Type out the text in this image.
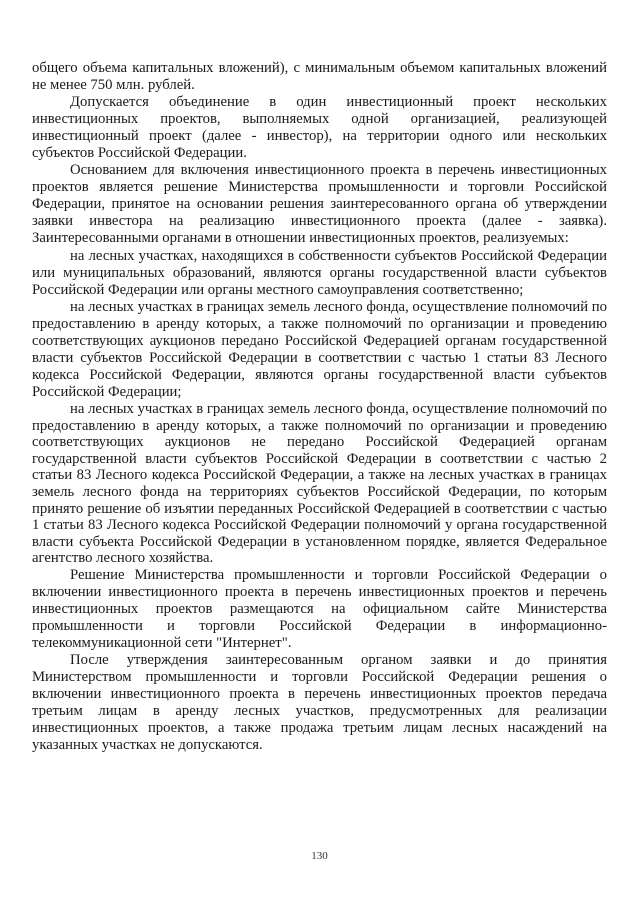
общего объема капитальных вложений), с минимальным объемом капитальных вложений не менее 750 млн. рублей.

Допускается объединение в один инвестиционный проект нескольких инвестиционных проектов, выполняемых одной организацией, реализующей инвестиционный проект (далее - инвестор), на территории одного или нескольких субъектов Российской Федерации.

Основанием для включения инвестиционного проекта в перечень инвестиционных проектов является решение Министерства промышленности и торговли Российской Федерации, принятое на основании решения заинтересованного органа об утверждении заявки инвестора на реализацию инвестиционного проекта (далее - заявка). Заинтересованными органами в отношении инвестиционных проектов, реализуемых:

на лесных участках, находящихся в собственности субъектов Российской Федерации или муниципальных образований, являются органы государственной власти субъектов Российской Федерации или органы местного самоуправления соответственно;

на лесных участках в границах земель лесного фонда, осуществление полномочий по предоставлению в аренду которых, а также полномочий по организации и проведению соответствующих аукционов передано Российской Федерацией органам государственной власти субъектов Российской Федерации в соответствии с частью 1 статьи 83 Лесного кодекса Российской Федерации, являются органы государственной власти субъектов Российской Федерации;

на лесных участках в границах земель лесного фонда, осуществление полномочий по предоставлению в аренду которых, а также полномочий по организации и проведению соответствующих аукционов не передано Российской Федерацией органам государственной власти субъектов Российской Федерации в соответствии с частью 2 статьи 83 Лесного кодекса Российской Федерации, а также на лесных участках в границах земель лесного фонда на территориях субъектов Российской Федерации, по которым принято решение об изъятии переданных Российской Федерацией в соответствии с частью 1 статьи 83 Лесного кодекса Российской Федерации полномочий у органа государственной власти субъекта Российской Федерации в установленном порядке, является Федеральное агентство лесного хозяйства.

Решение Министерства промышленности и торговли Российской Федерации о включении инвестиционного проекта в перечень инвестиционных проектов и перечень инвестиционных проектов размещаются на официальном сайте Министерства промышленности и торговли Российской Федерации в информационно-телекоммуникационной сети "Интернет".

После утверждения заинтересованным органом заявки и до принятия Министерством промышленности и торговли Российской Федерации решения о включении инвестиционного проекта в перечень инвестиционных проектов передача третьим лицам в аренду лесных участков, предусмотренных для реализации инвестиционных проектов, а также продажа третьим лицам лесных насаждений на указанных участках не допускаются.

130
